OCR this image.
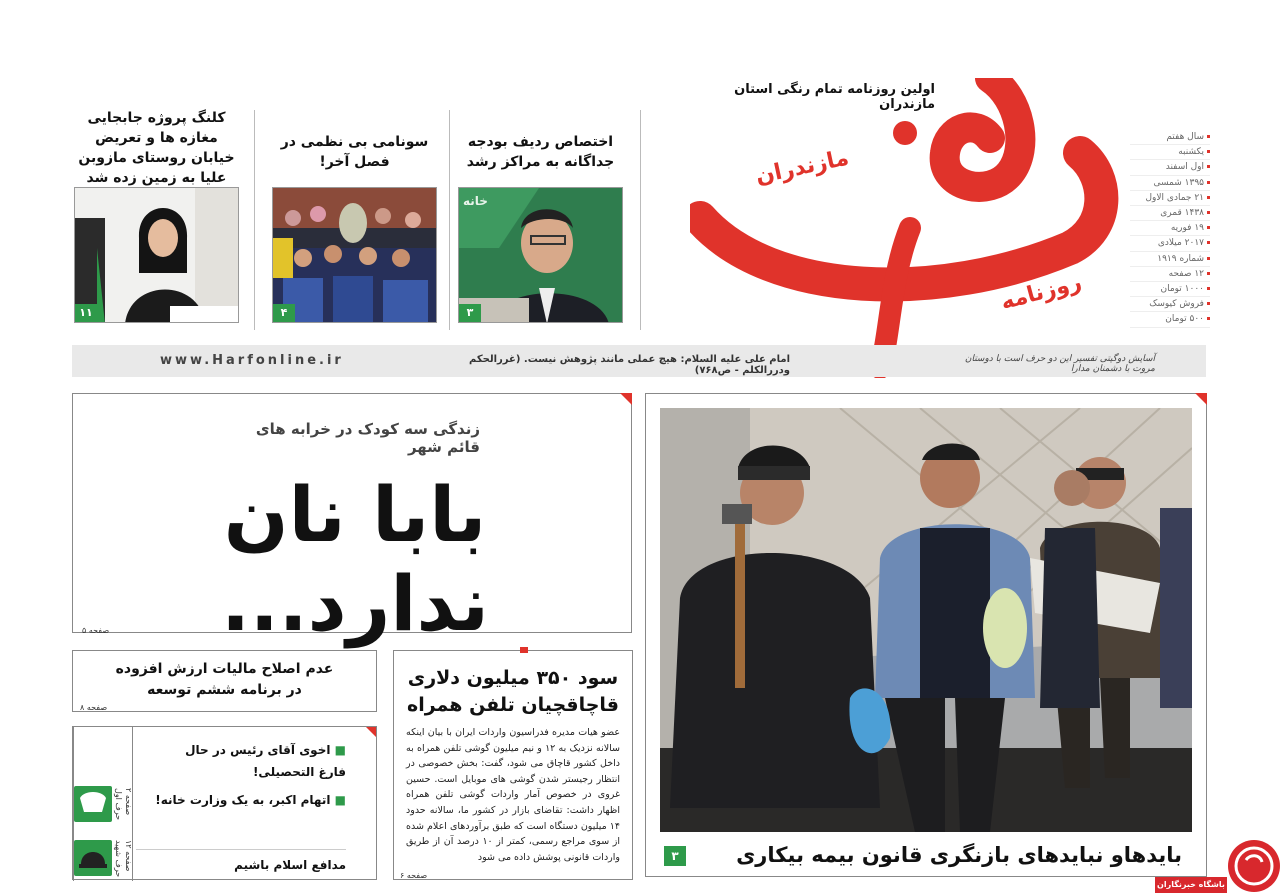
روزنامه
مازندران
اولین روزنامه تمام رنگی استان مازندران
سال هفتم
یکشنبه
اول اسفند
۱۳۹۵ شمسی
۲۱ جمادی الاول
۱۴۳۸ قمری
۱۹ فوریه
۲۰۱۷ میلادی
شماره ۱۹۱۹
۱۲ صفحه
۱۰۰۰ تومان
فروش کیوسک
۵۰۰ تومان
اختصاص ردیف بودجه جداگانه به مراکز رشد
خانه
۳
سونامی بی نظمی در فصل آخر!
۴
کلنگ پروژه جابجایی مغازه ها و تعریض خیابان روستای مازوبن علیا به زمین زده شد
۱۱
www.Harfonline.ir	امام علی علیه السلام: هیچ عملی مانند پژوهش نیست. (غررالحکم ودررالکلم - ص۷۶۸)
آسایش دوگیتی تفسیر این دو حرف است با دوستان مروت با دشمنان مدارا
زندگی سه کودک در خرابه های قائم شهر
بابا نان ندارد...
صفحه ۵
بایدهاو نبایدهای بازنگری قانون بیمه بیکاری
۳
عدم اصلاح مالیات ارزش افزوده
در برنامه ششم توسعه
صفحه ۸
سود ۳۵۰ میلیون دلاری
قاچاقچیان تلفن همراه
عضو هیات مدیره فدراسیون واردات ایران با بیان اینکه سالانه نزدیک به ۱۲ و نیم میلیون گوشی تلفن همراه به داخل کشور قاچاق می شود، گفت: بخش خصوصی در انتظار رجیستر شدن گوشی های موبایل است. حسین غروی در خصوص آمار واردات گوشی تلفن همراه اظهار داشت: تقاضای بازار در کشور ما، سالانه حدود ۱۴ میلیون دستگاه است که طبق برآوردهای اعلام شده از سوی مراجع رسمی، کمتر از ۱۰ درصد آن از طریق واردات قانونی پوشش داده می شود
صفحه ۶
■ اخوی آقای رئیس در حال
فارغ التحصیلی!
■ اتهام اکبر، به یک وزارت خانه!
مدافع اسلام باشیم
حرف اول صفحه ۲
حرف شهید صفحه ۱۲
باشگاه خبرنگاران
